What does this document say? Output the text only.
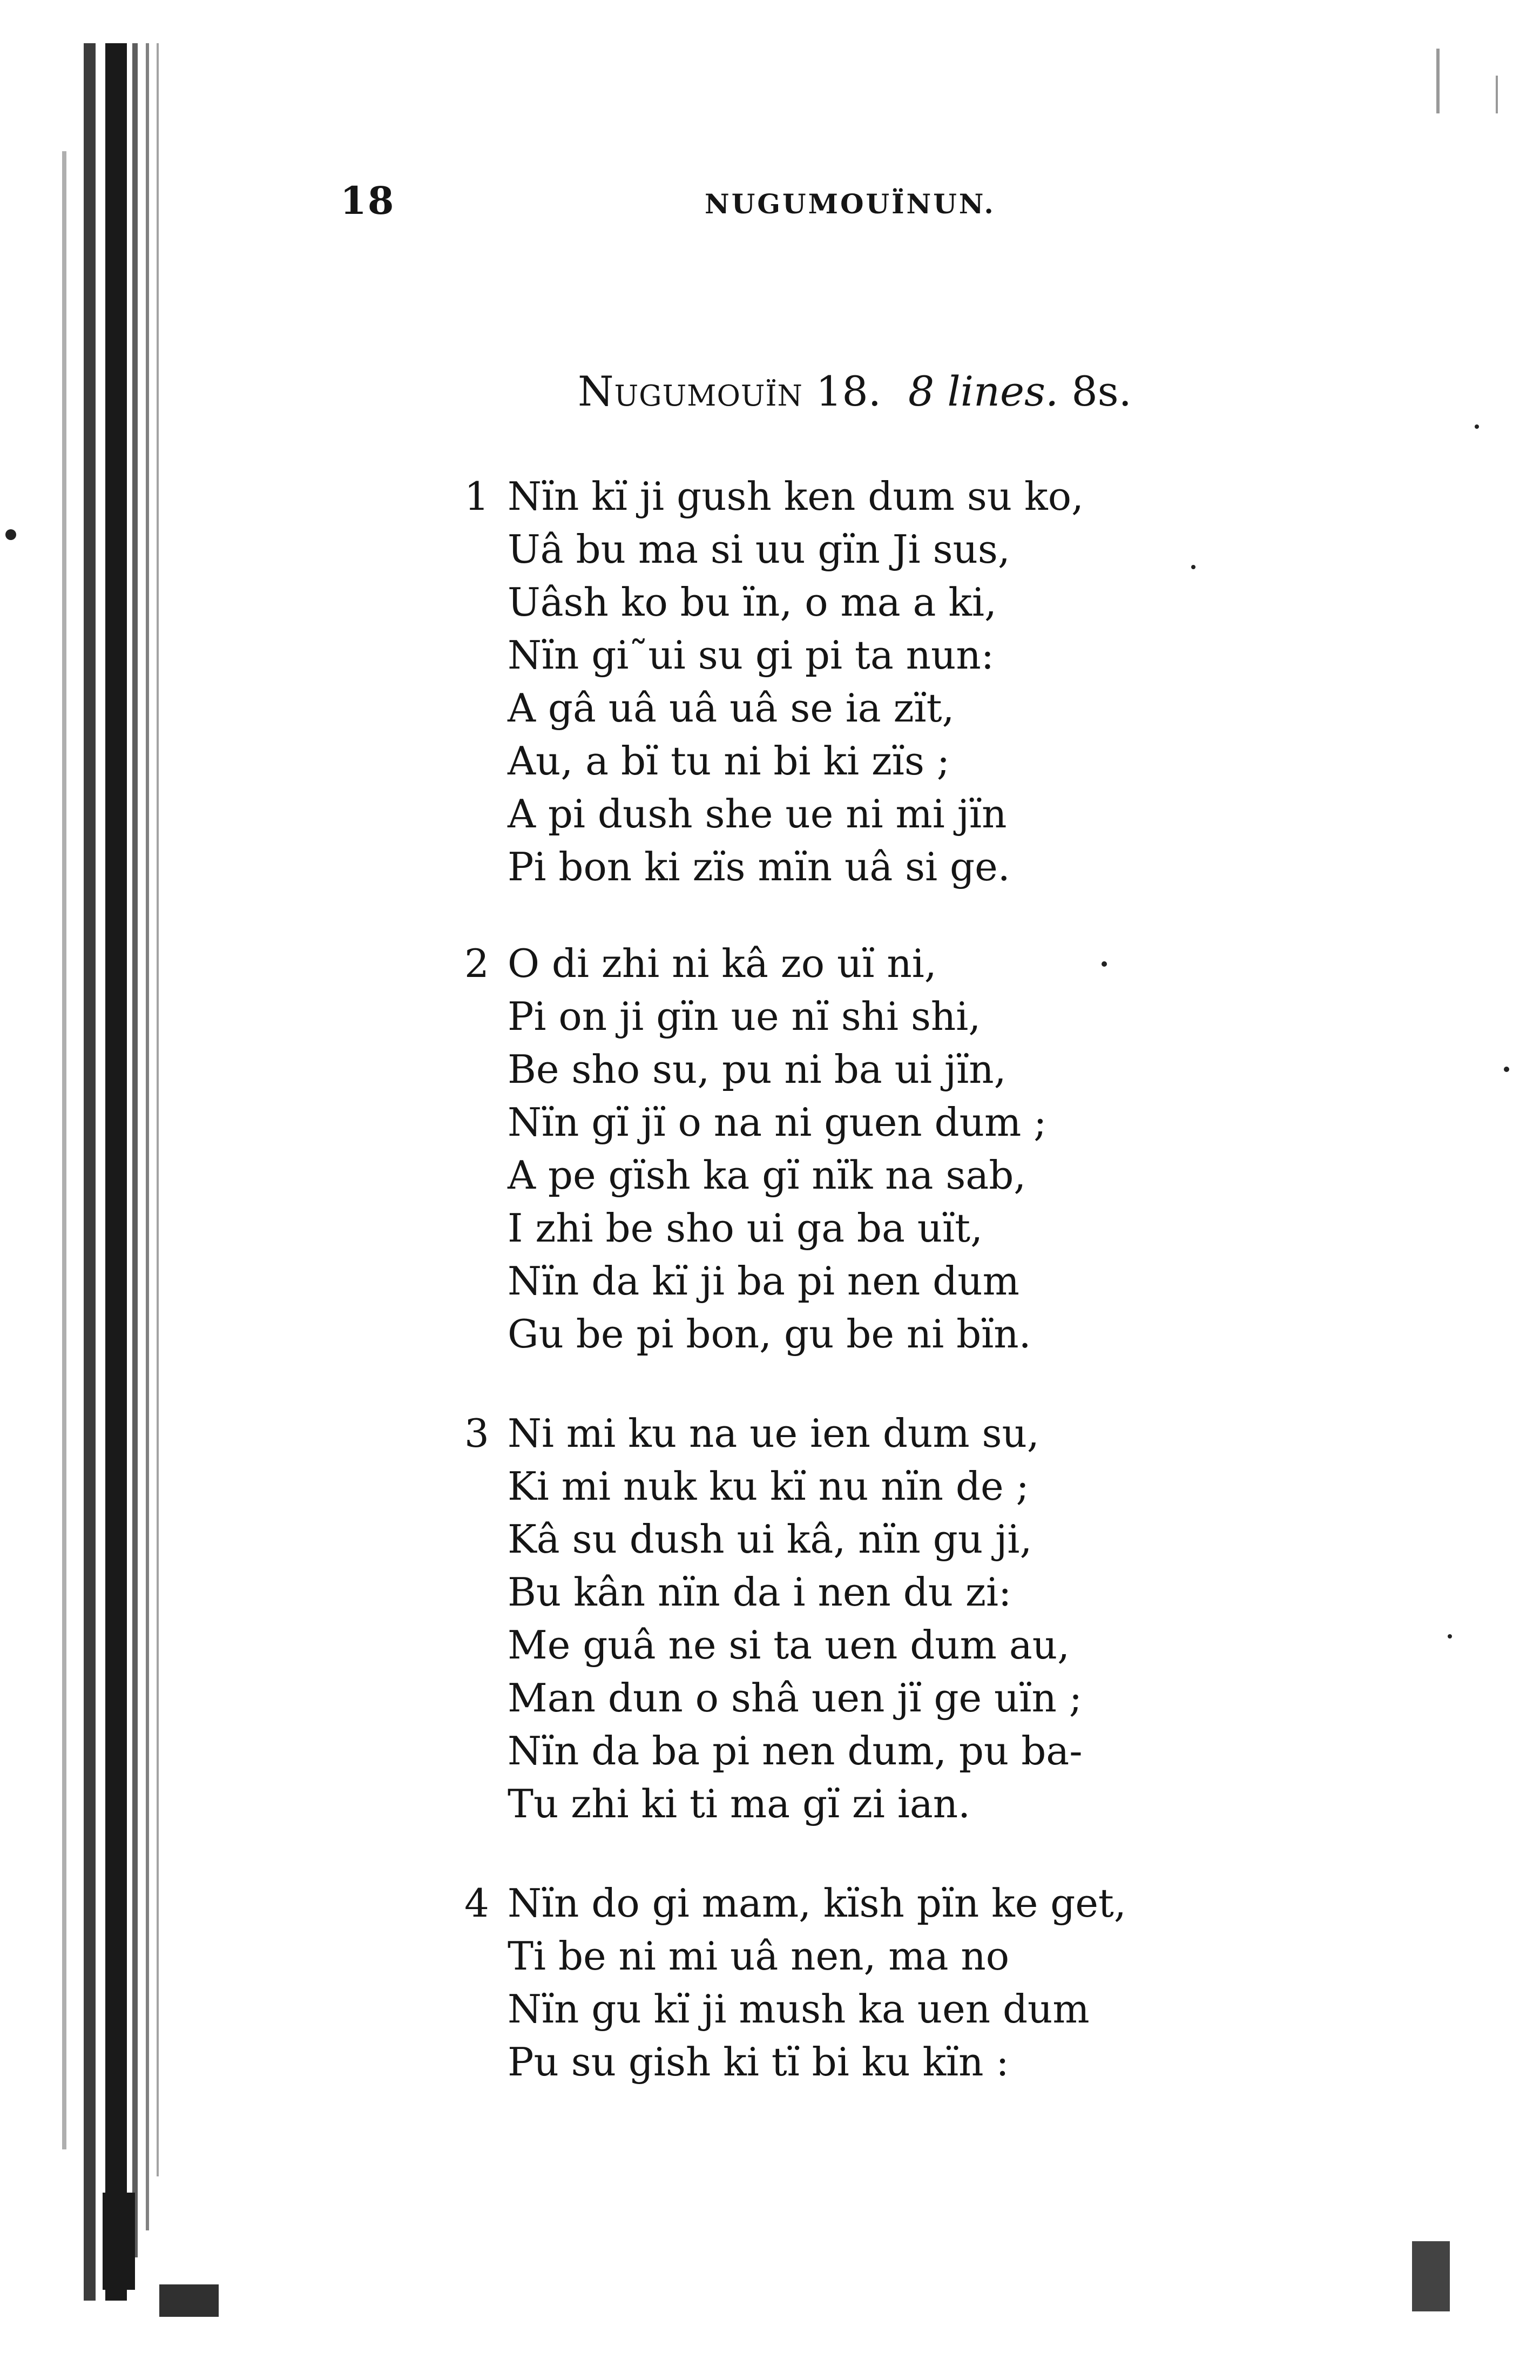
18	NUGUMOUÏNUN.
Nugumouïn 18. 8 lines. 8s.
1 Nïn kï ji gush ken dum su ko,
Uâ bu ma si uu gïn Ji sus,
Uâsh ko bu ïn, o ma a ki,
Nïn gi˜ui su gi pi ta nun:
A gâ uâ uâ uâ se ia zït,
Au, a bï tu ni bi ki zïs ;
A pi dush she ue ni mi jïn
Pi bon ki zïs mïn uâ si ge.
2 O di zhi ni kâ zo uï ni,
Pi on ji gïn ue nï shi shi,
Be sho su, pu ni ba ui jïn,
Nïn gï jï o na ni guen dum ;
A pe gïsh ka gï nïk na sab,
I zhi be sho ui ga ba uït,
Nïn da kï ji ba pi nen dum
Gu be pi bon, gu be ni bïn.
3 Ni mi ku na ue ien dum su,
Ki mi nuk ku kï nu nïn de ;
Kâ su dush ui kâ, nïn gu ji,
Bu kân nïn da i nen du zi:
Me guâ ne si ta uen dum au,
Man dun o shâ uen jï ge uïn ;
Nïn da ba pi nen dum, pu ba-
Tu zhi ki ti ma gï zi ian.
4 Nïn do gi mam, kïsh pïn ke get,
Ti be ni mi uâ nen, ma no
Nïn gu kï ji mush ka uen dum
Pu su gish ki tï bi ku kïn :
